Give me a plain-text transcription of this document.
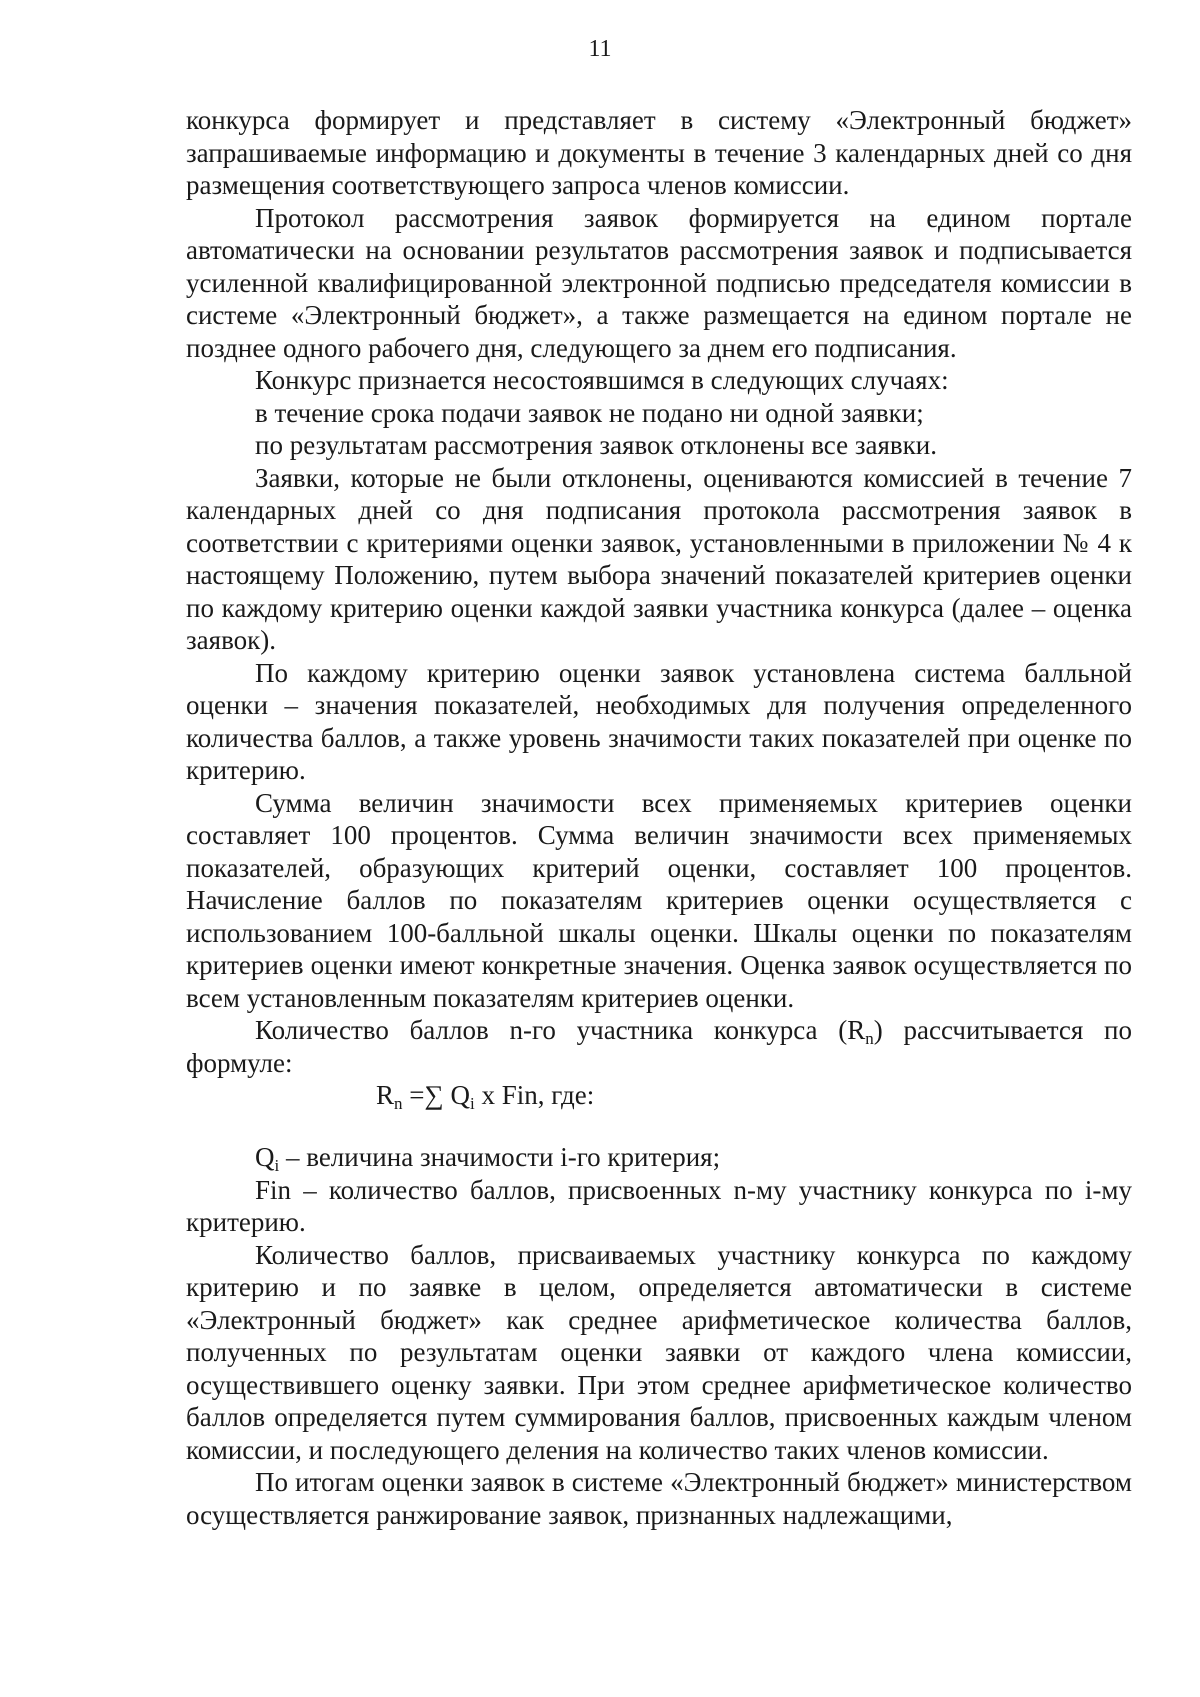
11

конкурса формирует и представляет в систему «Электронный бюджет» запрашиваемые информацию и документы в течение 3 календарных дней со дня размещения соответствующего запроса членов комиссии.

Протокол рассмотрения заявок формируется на едином портале автоматически на основании результатов рассмотрения заявок и подписывается усиленной квалифицированной электронной подписью председателя комиссии в системе «Электронный бюджет», а также размещается на едином портале не позднее одного рабочего дня, следующего за днем его подписания.

Конкурс признается несостоявшимся в следующих случаях:

в течение срока подачи заявок не подано ни одной заявки;

по результатам рассмотрения заявок отклонены все заявки.

Заявки, которые не были отклонены, оцениваются комиссией в течение 7 календарных дней со дня подписания протокола рассмотрения заявок в соответствии с критериями оценки заявок, установленными в приложении № 4 к настоящему Положению, путем выбора значений показателей критериев оценки по каждому критерию оценки каждой заявки участника конкурса (далее – оценка заявок).

По каждому критерию оценки заявок установлена система балльной оценки – значения показателей, необходимых для получения определенного количества баллов, а также уровень значимости таких показателей при оценке по критерию.

Сумма величин значимости всех применяемых критериев оценки составляет 100 процентов. Сумма величин значимости всех применяемых показателей, образующих критерий оценки, составляет 100 процентов. Начисление баллов по показателям критериев оценки осуществляется с использованием 100-балльной шкалы оценки. Шкалы оценки по показателям критериев оценки имеют конкретные значения. Оценка заявок осуществляется по всем установленным показателям критериев оценки.

Количество баллов n-го участника конкурса $(R_n)$ рассчитывается по формуле:

$R_n$ =∑ $Q_i$ x Fin, где:

$Q_i$ – величина значимости i-го критерия;

Fin – количество баллов, присвоенных n-му участнику конкурса по i-му критерию.

Количество баллов, присваиваемых участнику конкурса по каждому критерию и по заявке в целом, определяется автоматически в системе «Электронный бюджет» как среднее арифметическое количества баллов, полученных по результатам оценки заявки от каждого члена комиссии, осуществившего оценку заявки. При этом среднее арифметическое количество баллов определяется путем суммирования баллов, присвоенных каждым членом комиссии, и последующего деления на количество таких членов комиссии.

По итогам оценки заявок в системе «Электронный бюджет» министерством осуществляется ранжирование заявок, признанных надлежащими,
